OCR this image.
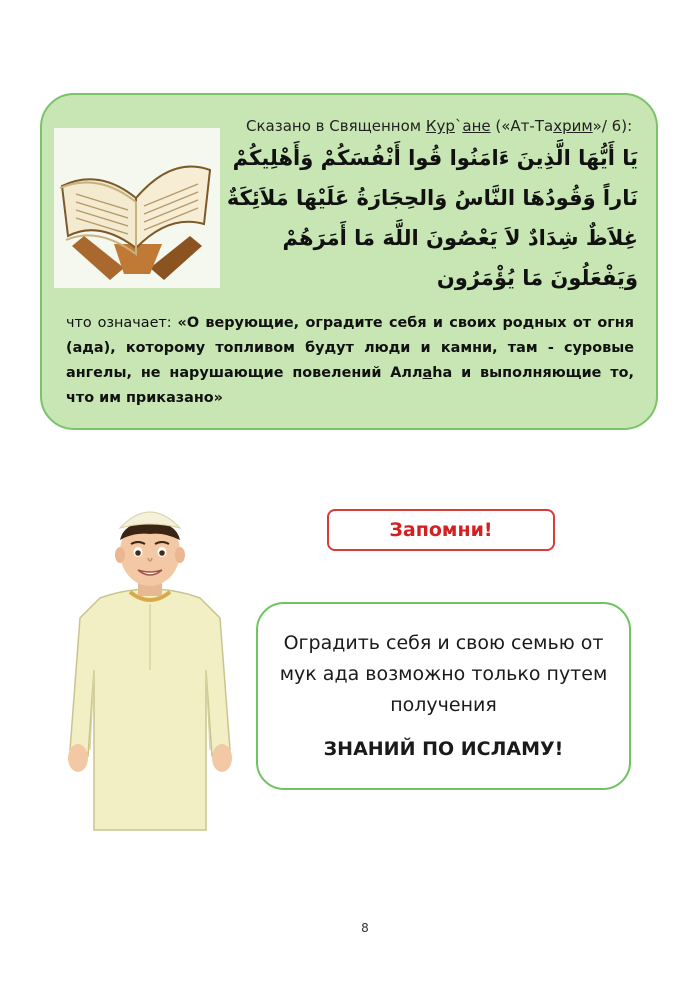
Сказано в Священном Кур`ане («Ат-Тахрим»/ 6):
يَا أَيُّهَا الَّذِينَ ءَامَنُوا قُوا أَنْفُسَكُمْ وَأَهْلِيكُمْ
نَاراً وَقُودُهَا النَّاسُ وَالحِجَارَةُ عَلَيْهَا مَلاَئِكَةٌ
غِلاَظٌ شِدَادٌ لاَ يَعْصُونَ اللَّهَ مَا أَمَرَهُمْ
وَيَفْعَلُونَ مَا يُؤْمَرُون
что означает: «О верующие, оградите себя и своих родных от огня (ада), которому топливом будут люди и камни, там - суровые ангелы, не нарушающие повелений Аллаha и выполняющие то, что им приказано»
Запомни!
Оградить себя и свою семью от
мук ада возможно только путем
получения
ЗНАНИЙ ПО ИСЛАМУ!
8
